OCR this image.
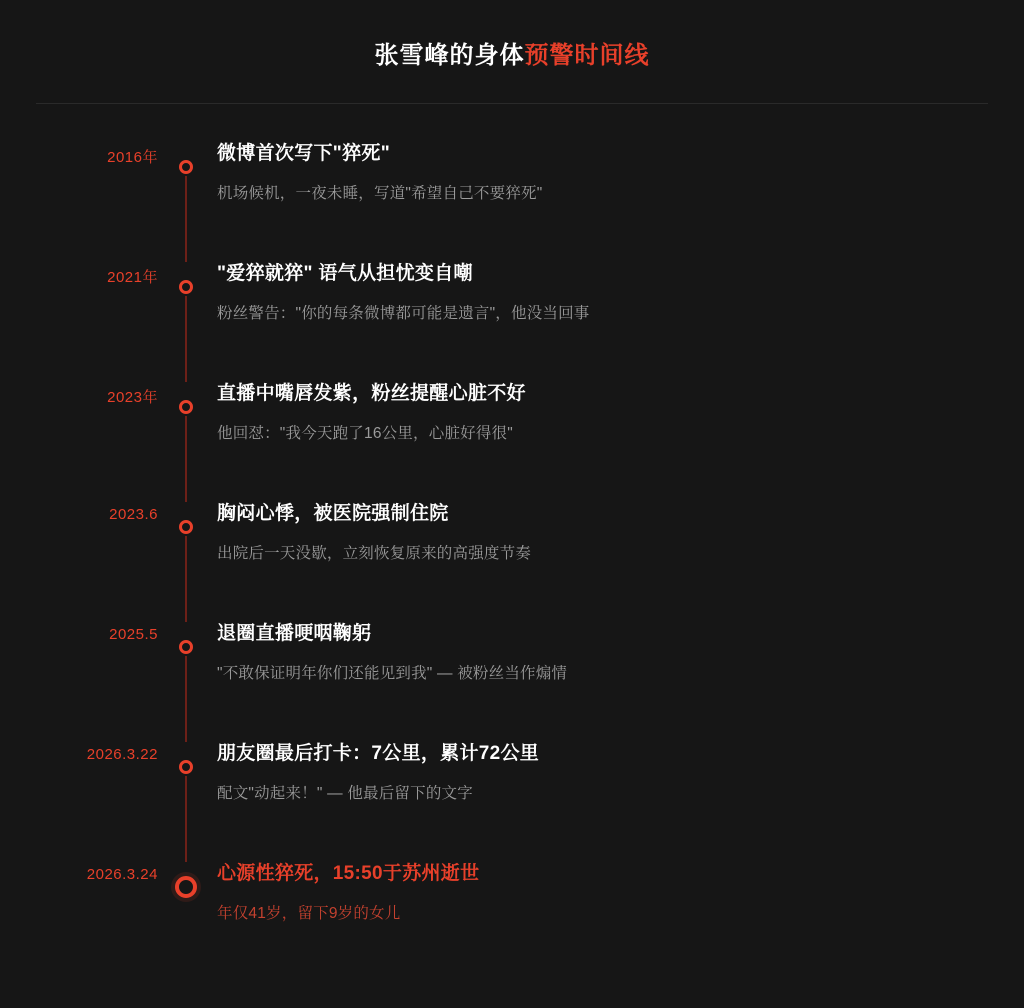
张雪峰的身体预警时间线
2016年	微博首次写下"猝死"
机场候机，一夜未睡，写道"希望自己不要猝死"
2021年	"爱猝就猝" 语气从担忧变自嘲
粉丝警告："你的每条微博都可能是遗言"，他没当回事
2023年	直播中嘴唇发紫，粉丝提醒心脏不好
他回怼："我今天跑了16公里，心脏好得很"
2023.6	胸闷心悸，被医院强制住院
出院后一天没歇，立刻恢复原来的高强度节奏
2025.5	退圈直播哽咽鞠躬
"不敢保证明年你们还能见到我" — 被粉丝当作煽情
2026.3.22	朋友圈最后打卡：7公里，累计72公里
配文"动起来！" — 他最后留下的文字
2026.3.24	心源性猝死，15:50于苏州逝世
年仅41岁，留下9岁的女儿
